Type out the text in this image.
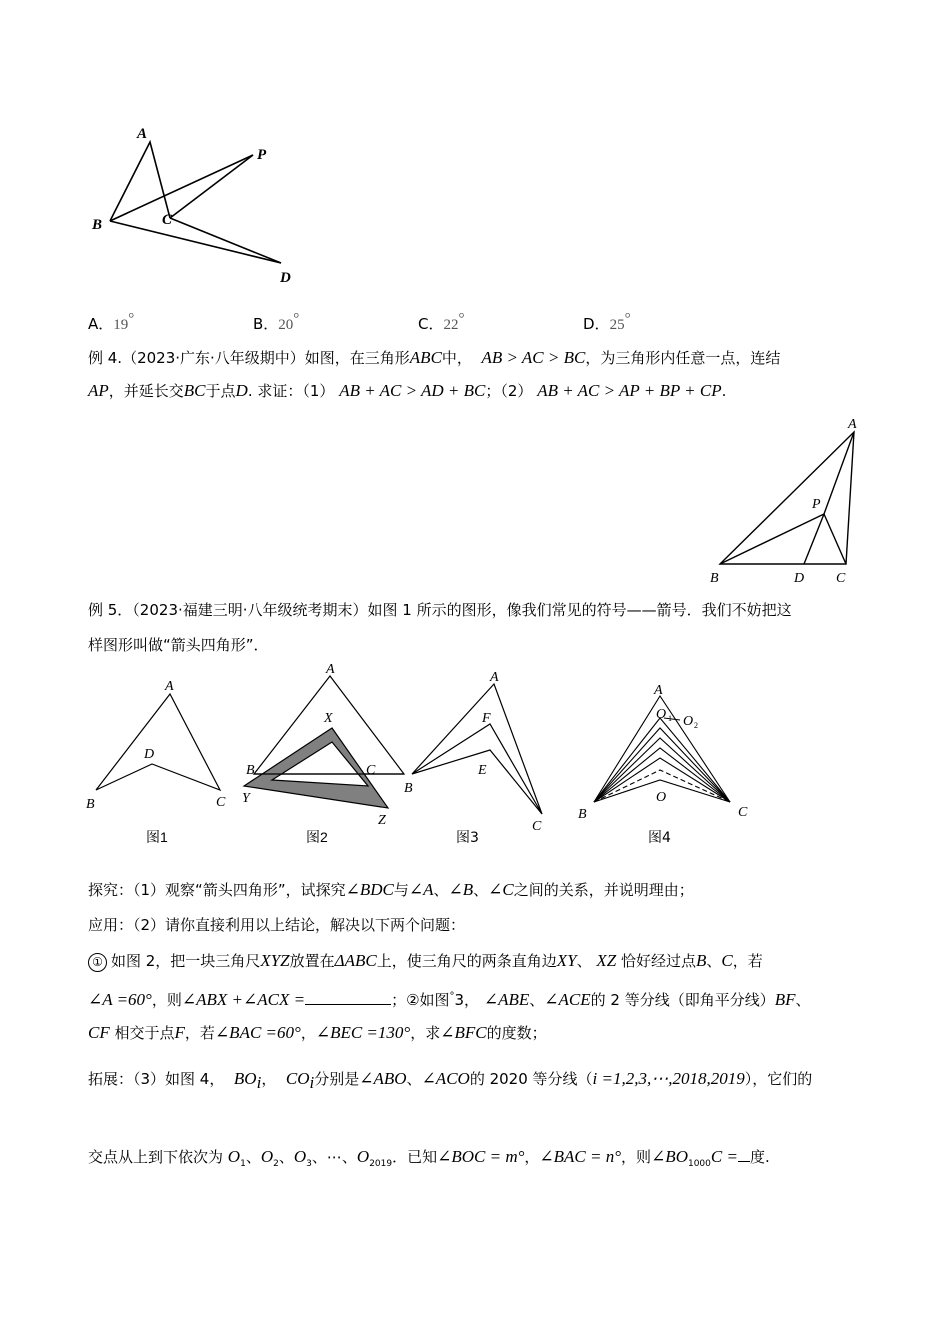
A
B	C
P
D
A．19°	B．20°	C．22°	D．25°
例 4.（2023·广东·八年级期中）如图，在三角形ABC中， AB > AC > BC，为三角形内任意一点，连结
AP，并延长交BC于点D. 求证：（1） AB + AC > AD + BC；（2） AB + AC > AP + BP + CP.
A
B	D C
P
例 5．（2023·福建三明·八年级统考期末）如图 1 所示的图形，像我们常见的符号——箭号．我们不妨把这
样图形叫做“箭头四角形”．
A
B	C
D
图1
A
B	C
X
Y
Z
图2
A
B
C
F
E
图3
A
B	C
O
O 1 O 2
图4
探究：（1）观察“箭头四角形”，试探究∠BDC与∠A、∠B、∠C之间的关系，并说明理由；
应用：（2）请你直接利用以上结论，解决以下两个问题：
① 如图 2，把一块三角尺XYZ放置在ΔABC上，使三角尺的两条直角边XY、 XZ 恰好经过点B、C，若
∠A =60°，则∠ABX +∠ACX =	；②如图°3， ∠ABE、∠ACE的 2 等分线（即角平分线）BF、
CF 相交于点F，若∠BAC =60°，∠BEC =130°，求∠BFC的度数；
拓展：（3）如图 4， $BO_i$， $CO_i$分别是∠ABO、∠ACO的 2020 等分线（i =1,2,3,⋯,2018,2019），它们的
交点从上到下依次为 $O_1$、$O_2$、$O_3$、⋯、$O_{2019}$．已知∠BOC = m°，∠BAC = n°，则$\angle BO_{1000}C$ = 度.
